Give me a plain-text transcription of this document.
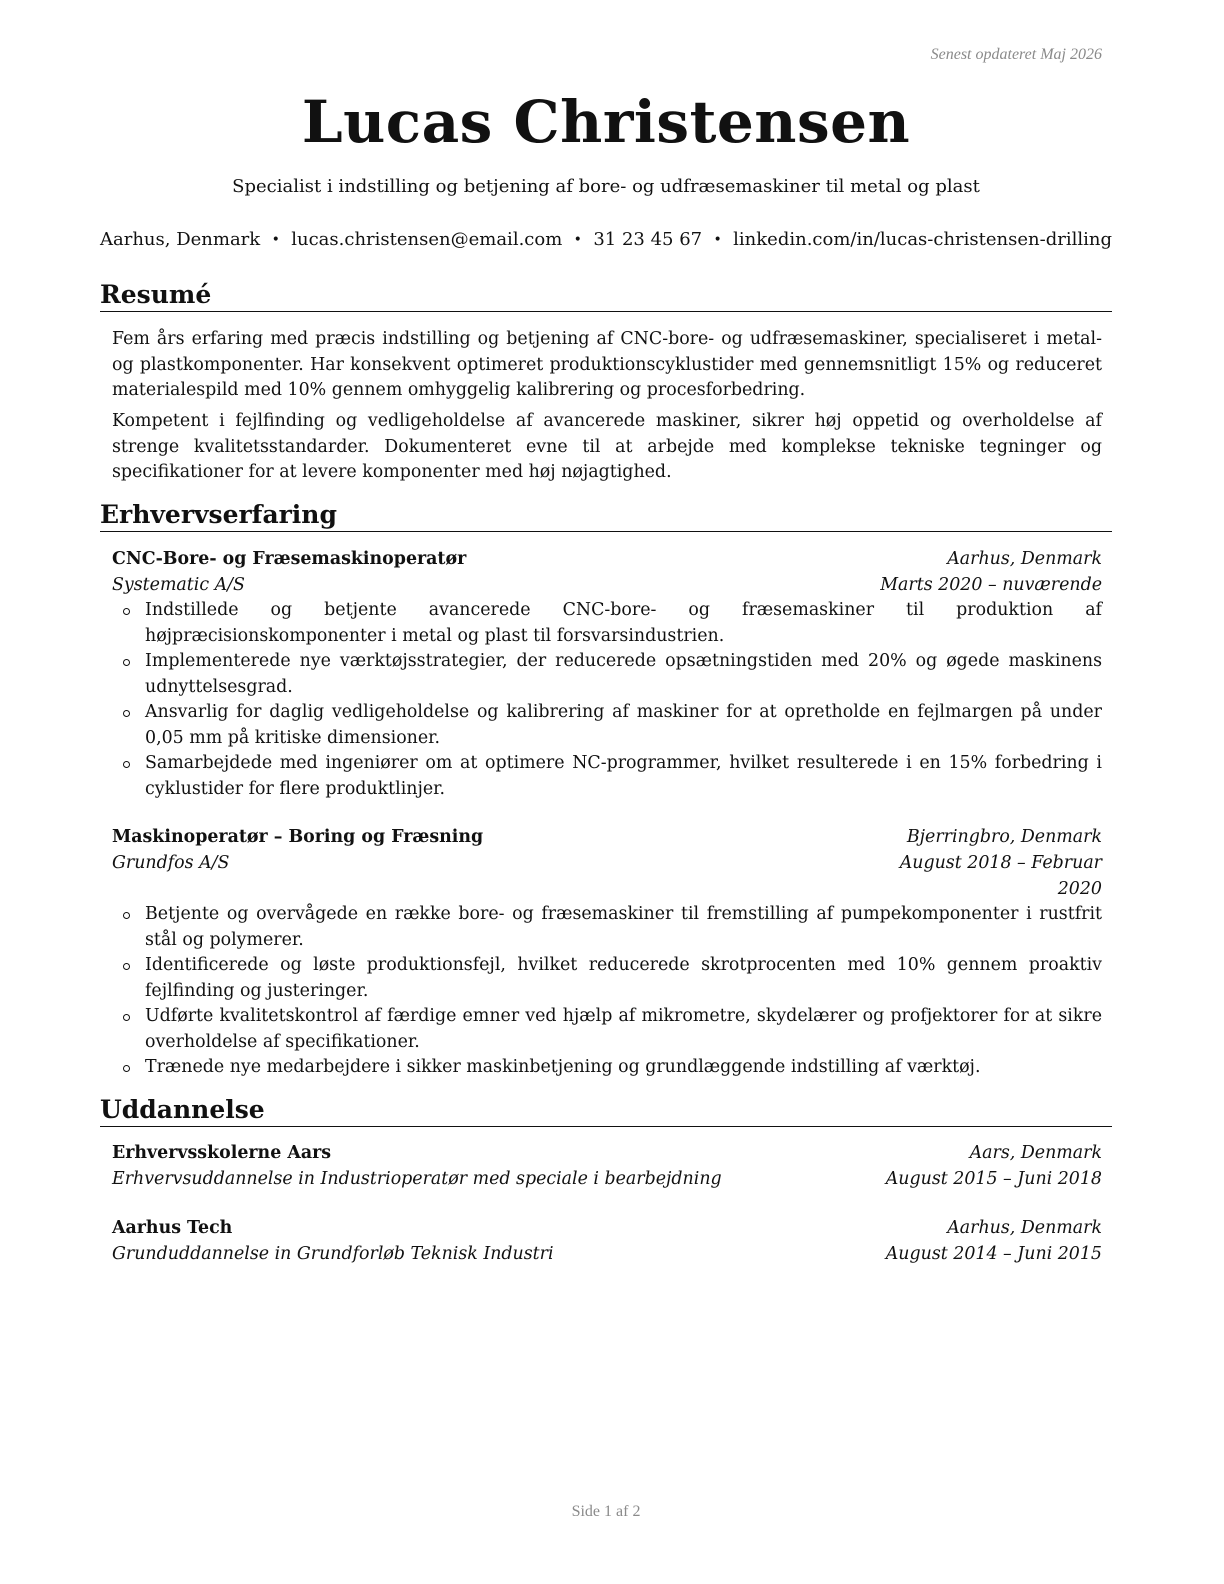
Senest opdateret Maj 2026
Lucas Christensen
Specialist i indstilling og betjening af bore- og udfræsemaskiner til metal og plast
Aarhus, Denmark • lucas.christensen@email.com • 31 23 45 67 • linkedin.com/in/lucas-christensen-drilling
Resumé
Fem års erfaring med præcis indstilling og betjening af CNC-bore- og udfræsemaskiner, specialiseret i metal- og plastkomponenter. Har konsekvent optimeret produktionscyklustider med gennemsnitligt 15% og reduceret materialespild med 10% gennem omhyggelig kalibrering og procesforbedring.
Kompetent i fejlfinding og vedligeholdelse af avancerede maskiner, sikrer høj oppetid og overholdelse af strenge kvalitetsstandarder. Dokumenteret evne til at arbejde med komplekse tekniske tegninger og specifikationer for at levere komponenter med høj nøjagtighed.
Erhvervserfaring
CNC-Bore- og Fræsemaskinoperatør	Aarhus, Denmark
Systematic A/S	Marts 2020 – nuværende
Indstillede og betjente avancerede CNC-bore- og fræsemaskiner til produktion af højpræcisionskomponenter i metal og plast til forsvarsindustrien.
Implementerede nye værktøjsstrategier, der reducerede opsætningstiden med 20% og øgede maskinens udnyttelsesgrad.
Ansvarlig for daglig vedligeholdelse og kalibrering af maskiner for at opretholde en fejlmargen på under 0,05 mm på kritiske dimensioner.
Samarbejdede med ingeniører om at optimere NC-programmer, hvilket resulterede i en 15% forbedring i cyklustider for flere produktlinjer.
Maskinoperatør – Boring og Fræsning	Bjerringbro, Denmark
Grundfos A/S	August 2018 – Februar 2020
Betjente og overvågede en række bore- og fræsemaskiner til fremstilling af pumpekomponenter i rustfrit stål og polymerer.
Identificerede og løste produktionsfejl, hvilket reducerede skrotprocenten med 10% gennem proaktiv fejlfinding og justeringer.
Udførte kvalitetskontrol af færdige emner ved hjælp af mikrometre, skydelærer og profjektorer for at sikre overholdelse af specifikationer.
Trænede nye medarbejdere i sikker maskinbetjening og grundlæggende indstilling af værktøj.
Uddannelse
Erhvervsskolerne Aars	Aars, Denmark
Erhvervsuddannelse in Industrioperatør med speciale i bearbejdning	August 2015 – Juni 2018
Aarhus Tech	Aarhus, Denmark
Grunduddannelse in Grundforløb Teknisk Industri	August 2014 – Juni 2015
Side 1 af 2
